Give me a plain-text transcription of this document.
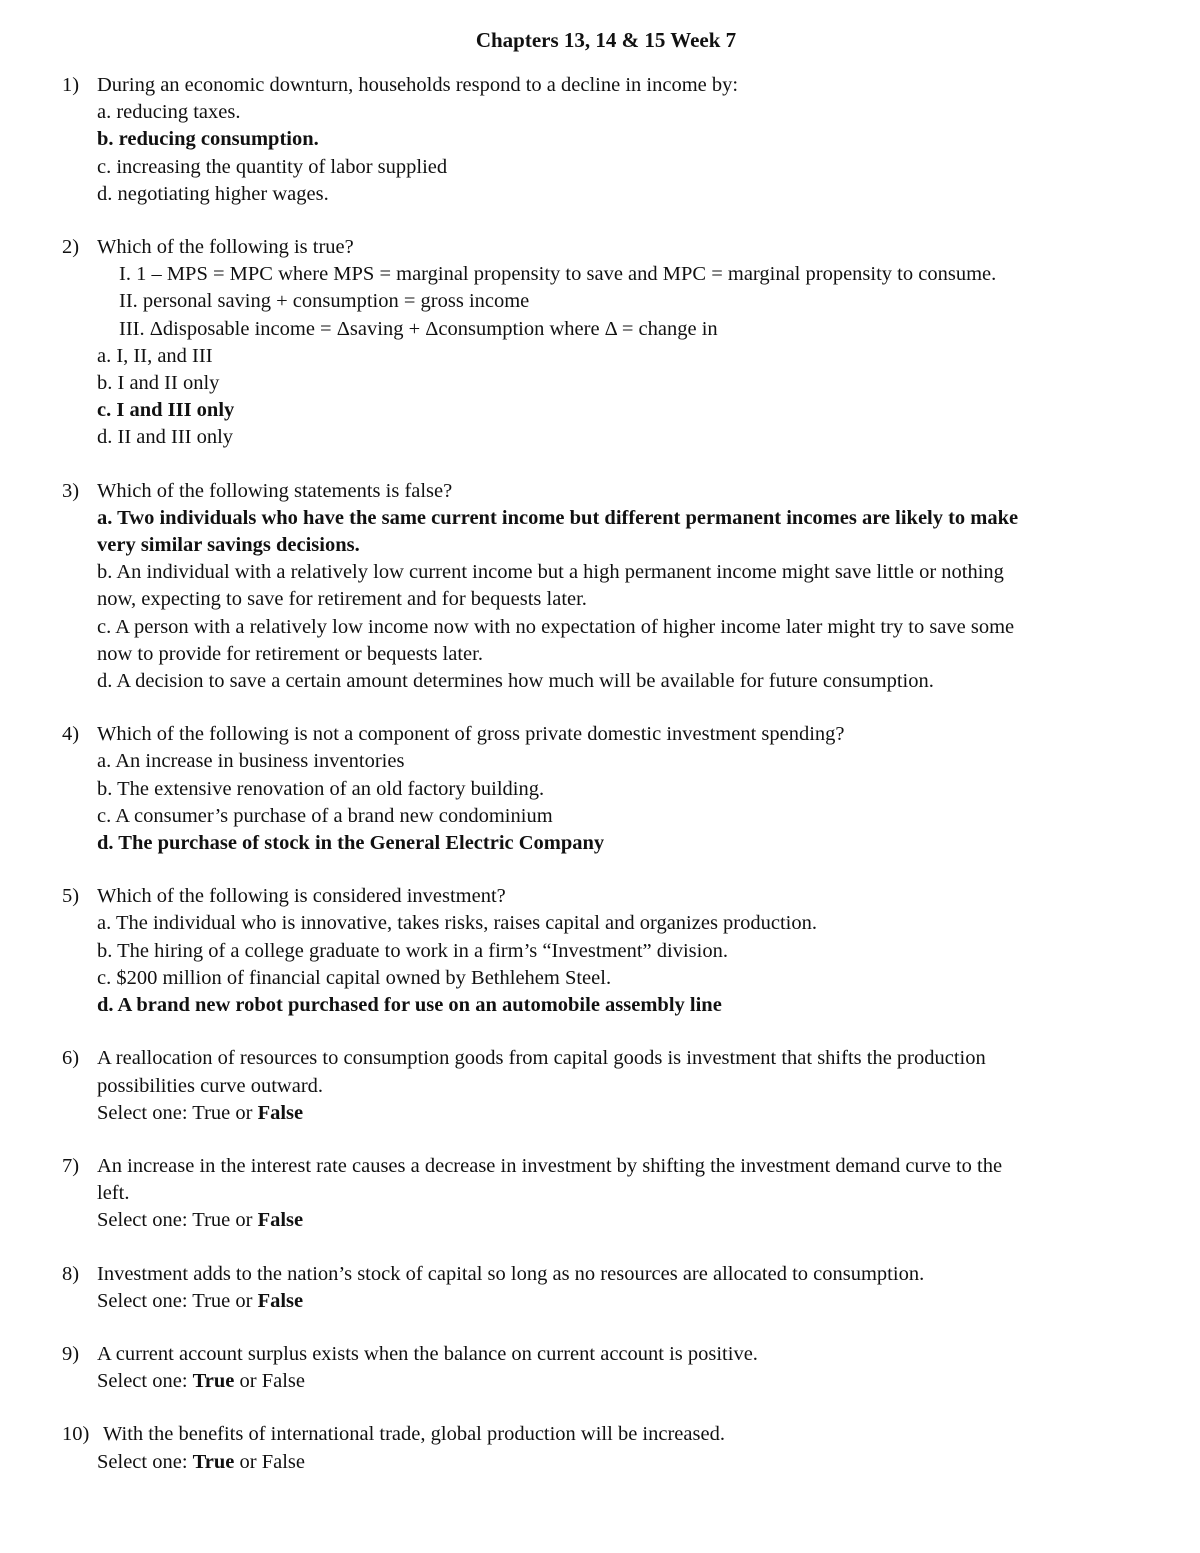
Chapters 13, 14 & 15 Week 7
1) During an economic downturn, households respond to a decline in income by:
a. reducing taxes.
b. reducing consumption.
c. increasing the quantity of labor supplied
d. negotiating higher wages.
2) Which of the following is true?
I. 1 – MPS = MPC where MPS = marginal propensity to save and MPC = marginal propensity to consume.
II. personal saving + consumption = gross income
III. Δdisposable income = Δsaving + Δconsumption where Δ = change in
a. I, II, and III
b. I and II only
c. I and III only
d. II and III only
3) Which of the following statements is false?
a. Two individuals who have the same current income but different permanent incomes are likely to make
very similar savings decisions.
b. An individual with a relatively low current income but a high permanent income might save little or nothing
now, expecting to save for retirement and for bequests later.
c. A person with a relatively low income now with no expectation of higher income later might try to save some
now to provide for retirement or bequests later.
d. A decision to save a certain amount determines how much will be available for future consumption.
4) Which of the following is not a component of gross private domestic investment spending?
a. An increase in business inventories
b. The extensive renovation of an old factory building.
c. A consumer’s purchase of a brand new condominium
d. The purchase of stock in the General Electric Company
5) Which of the following is considered investment?
a. The individual who is innovative, takes risks, raises capital and organizes production.
b. The hiring of a college graduate to work in a firm’s “Investment” division.
c. $200 million of financial capital owned by Bethlehem Steel.
d. A brand new robot purchased for use on an automobile assembly line
6) A reallocation of resources to consumption goods from capital goods is investment that shifts the production
possibilities curve outward.
Select one: True or False
7) An increase in the interest rate causes a decrease in investment by shifting the investment demand curve to the
left.
Select one: True or False
8) Investment adds to the nation’s stock of capital so long as no resources are allocated to consumption.
Select one: True or False
9) A current account surplus exists when the balance on current account is positive.
Select one: True or False
10) With the benefits of international trade, global production will be increased.
Select one: True or False
